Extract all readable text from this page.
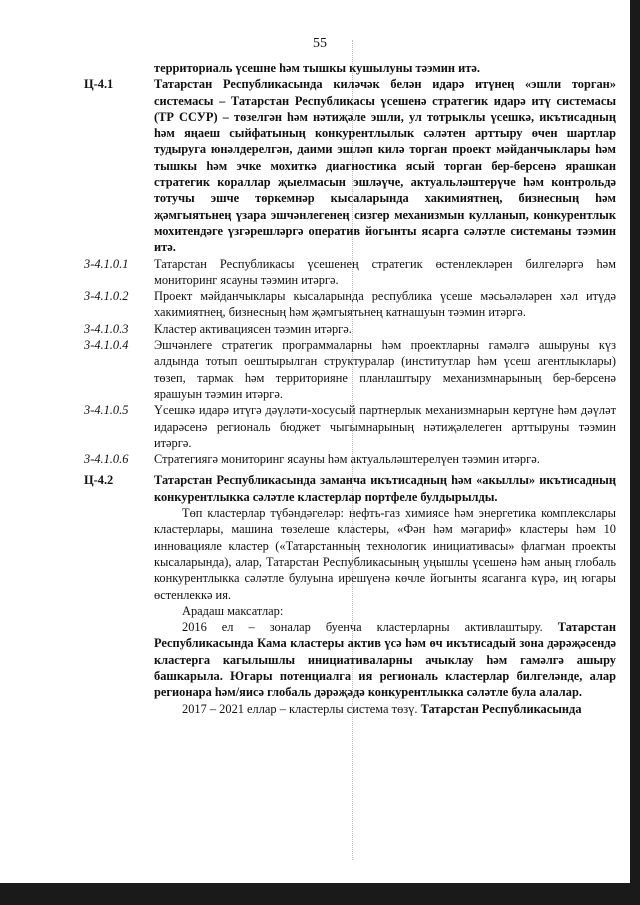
55
территориаль үсешне һәм тышкы кушылуны тәэмин итә.
Ц-4.1	Татарстан Республикасында киләчәк белән идарә итүнең «эшли торган» системасы – Татарстан Республикасы үсешенә стратегик идарә итү системасы (ТР ССУР) – төзелгән һәм нәтиҗәле эшли, ул тотрыклы үсешкә, икътисадның һәм яңаеш сыйфатының конкурентлылык сәләтен арттыру өчен шартлар тудыруга юнәлдерелгән, даими эшләп килә торган проект мәйданчыклары һәм тышкы һәм эчке мохиткә диагностика ясый торган бер-берсенә ярашкан стратегик кораллар җыелмасын эшләүче, актуальләштерүче һәм контрольдә тотучы эшче төркемнәр кысаларында хакимиятнең, бизнесның һәм җәмгыятьнең үзара эшчәнлегенең сизгер механизмын кулланып, конкурентлык мохитендәге үзгәрешләргә оператив йогынты ясарга сәләтле системаны тәэмин итә.
3-4.1.0.1	Татарстан Республикасы үсешенең стратегик өстенлекләрен билгеләргә һәм мониторинг ясауны тәэмин итәргә.
3-4.1.0.2	Проект мәйданчыклары кысаларында республика үсеше мәсьәләләрен хәл итүдә хакимиятнең, бизнесның һәм җәмгыятьнең катнашуын тәэмин итәргә.
3-4.1.0.3	Кластер активациясен тәэмин итәргә.
3-4.1.0.4	Эшчәнлеге стратегик программаларны һәм проектларны гамәлгә ашыруны күз алдында тотып оештырылган структуралар (институтлар һәм үсеш агентлыклары) төзеп, тармак һәм территорияне планлаштыру механизмнарының бер-берсенә ярашуын тәэмин итәргә.
3-4.1.0.5	Үсешкә идарә итүгә дәүләти-хосусый партнерлык механизмнарын кертүне һәм дәүләт идарәсенә региональ бюджет чыгымнарының нәтиҗәлелеген арттыруны тәэмин итәргә.
3-4.1.0.6	Стратегиягә мониторинг ясауны һәм актуальләштерелүен тәэмин итәргә.
Ц-4.2	Татарстан Республикасында заманча икътисадның һәм «акыллы» икътисадның конкурентлыкка сәләтле кластерлар портфеле булдырылды.
Төп кластерлар түбәндәгеләр: нефть-газ химиясе һәм энергетика комплекслары кластерлары, машина төзелеше кластеры, «Фән һәм мәгариф» кластеры һәм 10 инновацияле кластер («Татарстанның технологик инициативасы» флагман проекты кысаларында), алар, Татарстан Республикасының уңышлы үсешенә һәм аның глобаль конкурентлыкка сәләтле булуына ирешүенә көчле йогынты ясаганга күрә, иң югары өстенлеккә ия.
Арадаш максатлар:
2016 ел – зоналар буенча кластерларны активлаштыру. Татарстан Республикасында Кама кластеры актив үсә һәм өч икътисадый зона дәрәҗәсендә кластерга кагылышлы инициативаларны ачыклау һәм гамәлгә ашыру башкарыла. Югары потенциалга ия региональ кластерлар билгеләнде, алар регионара һәм/яисә глобаль дәрәҗәдә конкурентлыкка сәләтле була алалар.
2017 – 2021 еллар – кластерлы система төзү. Татарстан Республикасында
